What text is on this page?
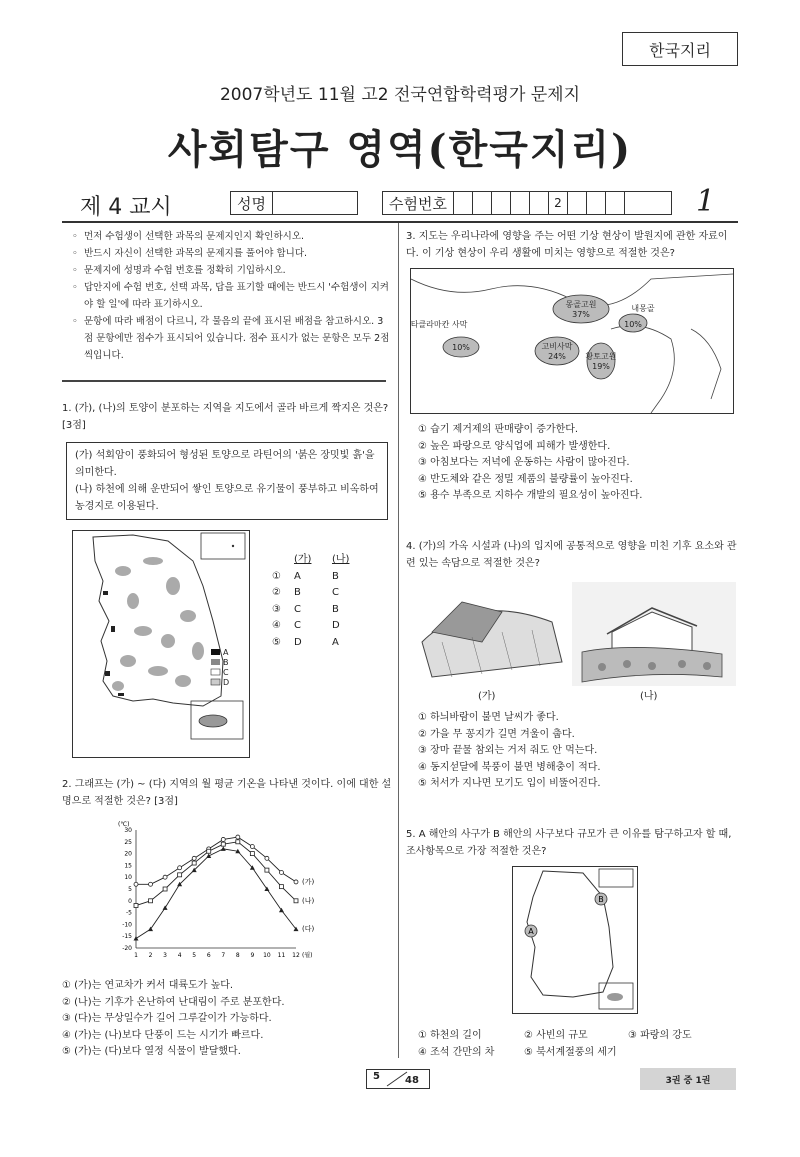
한국지리
2007학년도 11월 고2 전국연합학력평가 문제지
사회탐구 영역(한국지리)
제 4 교시	성명	수험번호	2	1
◦ 먼저 수험생이 선택한 과목의 문제지인지 확인하시오.
◦ 반드시 자신이 선택한 과목의 문제지를 풀어야 합니다.
◦ 문제지에 성명과 수험 번호를 정확히 기입하시오.
◦ 답안지에 수험 번호, 선택 과목, 답을 표기할 때에는 반드시 '수험생이 지켜야 할 일'에 따라 표기하시오.
◦ 문항에 따라 배점이 다르니, 각 물음의 끝에 표시된 배점을 참고하시오. 3점 문항에만 점수가 표시되어 있습니다. 점수 표시가 없는 문항은 모두 2점씩입니다.
1. (가), (나)의 토양이 분포하는 지역을 지도에서 골라 바르게 짝지은 것은? [3점]
(가) 석회암이 풍화되어 형성된 토양으로 라틴어의 '붉은 장밋빛 흙'을 의미한다.
(나) 하천에 의해 운반되어 쌓인 토양으로 유기물이 풍부하고 비옥하여 농경지로 이용된다.
A
B
C
D
(가)	(나)
①	A	B
②	B	C
③	C	B
④	C	D
⑤	D	A
2. 그래프는 (가) ~ (다) 지역의 월 평균 기온을 나타낸 것이다. 이에 대한 설명으로 적절한 것은? [3점]
(℃)
30
25
20
15
10
5
0
-5
-10
-15
-20
1 2 3 4 5 6 7 8 9 10 11 12 (월)
(가)
(나)
(다)
① (가)는 연교차가 커서 대륙도가 높다.
② (나)는 기후가 온난하여 난대림이 주로 분포한다.
③ (다)는 무상일수가 길어 그루갈이가 가능하다.
④ (가)는 (나)보다 단풍이 드는 시기가 빠르다.
⑤ (가)는 (다)보다 열정 식물이 발달했다.
3. 지도는 우리나라에 영향을 주는 어떤 기상 현상이 발원지에 관한 자료이다. 이 기상 현상이 우리 생활에 미치는 영향으로 적절한 것은?
몽골고원
37%
내몽골
10%
타클라마칸 사막
10%	고비사막
24% 황토고원
19%
① 습기 제거제의 판매량이 증가한다.
② 높은 파랑으로 양식업에 피해가 발생한다.
③ 아침보다는 저녁에 운동하는 사람이 많아진다.
④ 반도체와 같은 정밀 제품의 불량률이 높아진다.
⑤ 용수 부족으로 지하수 개발의 필요성이 높아진다.
4. (가)의 가옥 시설과 (나)의 입지에 공통적으로 영향을 미친 기후 요소와 관련 있는 속담으로 적절한 것은?
(가)	(나)
① 하늬바람이 불면 날씨가 좋다.
② 가을 무 꽁지가 길면 겨울이 춥다.
③ 장마 끝물 참외는 거저 줘도 안 먹는다.
④ 동지섣달에 북풍이 불면 병해충이 적다.
⑤ 처서가 지나면 모기도 입이 비뚤어진다.
5. A 해안의 사구가 B 해안의 사구보다 규모가 큰 이유를 탐구하고자 할 때, 조사항목으로 가장 적절한 것은?
A
B
① 하천의 길이	② 사빈의 규모	③ 파랑의 강도
④ 조석 간만의 차	⑤ 북서계절풍의 세기
5	48	3권 중 1권
